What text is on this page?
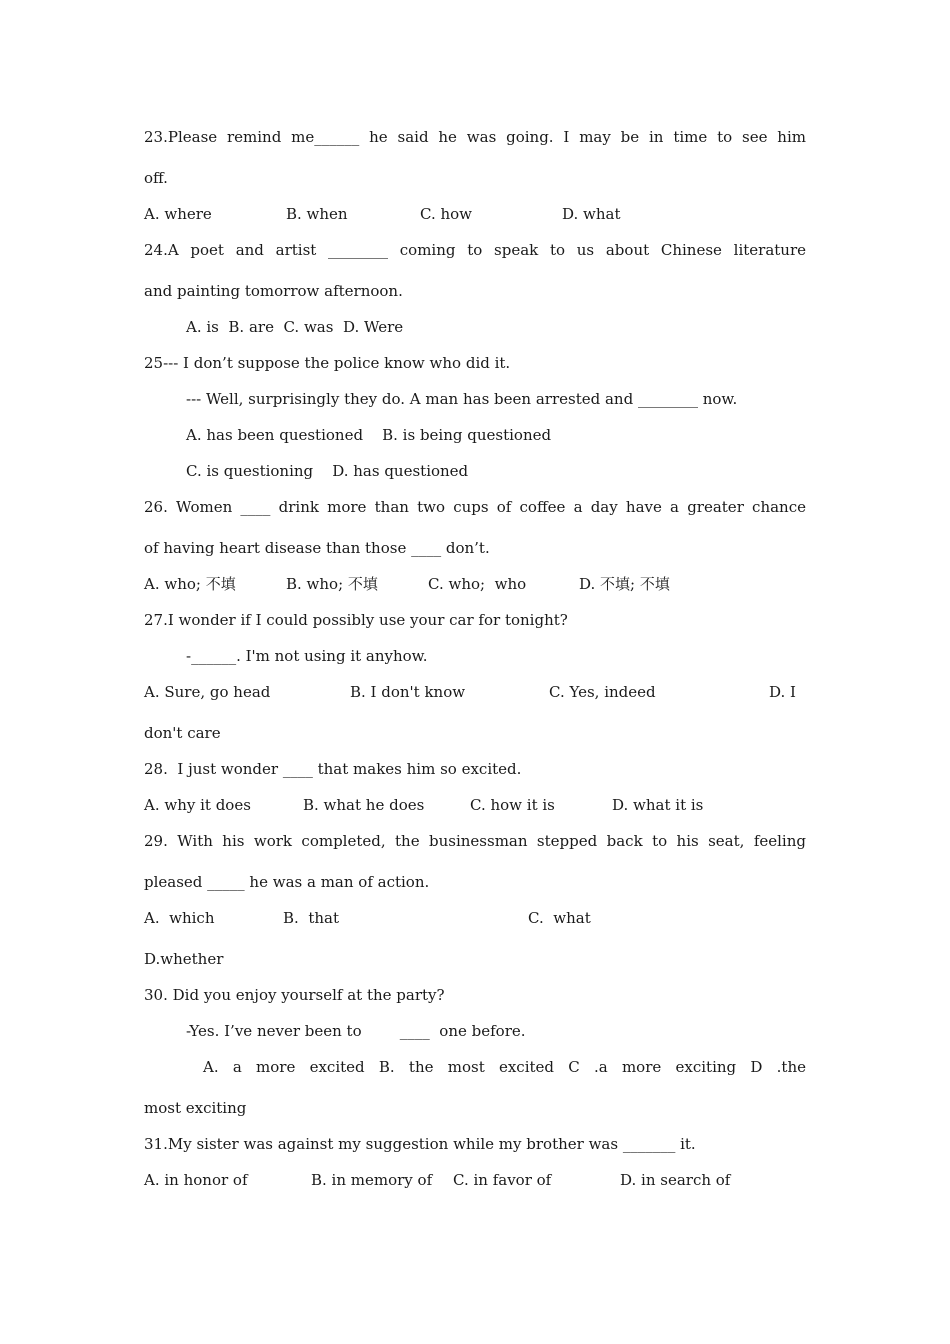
23.Please remind me______ he said he was going. I may be in time to see him
off.
A. where	B. when	C. how	D. what
24.A poet and artist ________ coming to speak to us about Chinese literature
and painting tomorrow afternoon.
A. is  B. are  C. was  D. Were
25--- I don’t suppose the police know who did it.
--- Well, surprisingly they do. A man has been arrested and ________ now.
A. has been questioned    B. is being questioned
C. is questioning    D. has questioned
26. Women ____ drink more than two cups of coffee a day have a greater chance
of having heart disease than those ____ don’t.
A. who; 不填	B. who; 不填	C. who;  who	D. 不填; 不填
27.I wonder if I could possibly use your car for tonight?
-______. I'm not using it anyhow.
A. Sure, go head	B. I don't know	C. Yes, indeed	D. I
don't care
28.  I just wonder ____ that makes him so excited.
A. why it does	B. what he does	C. how it is	D. what it is
29. With his work completed, the businessman stepped back to his seat, feeling
pleased _____ he was a man of action.
A.  which	B.  that	C.  what
D.whether
30. Did you enjoy yourself at the party?
-Yes. I’ve never been to        ____  one before.
A. a more excited B. the most excited C .a more exciting D .the
most exciting
31.My sister was against my suggestion while my brother was _______ it.
A. in honor of	B. in memory of C. in favor of	D. in search of
